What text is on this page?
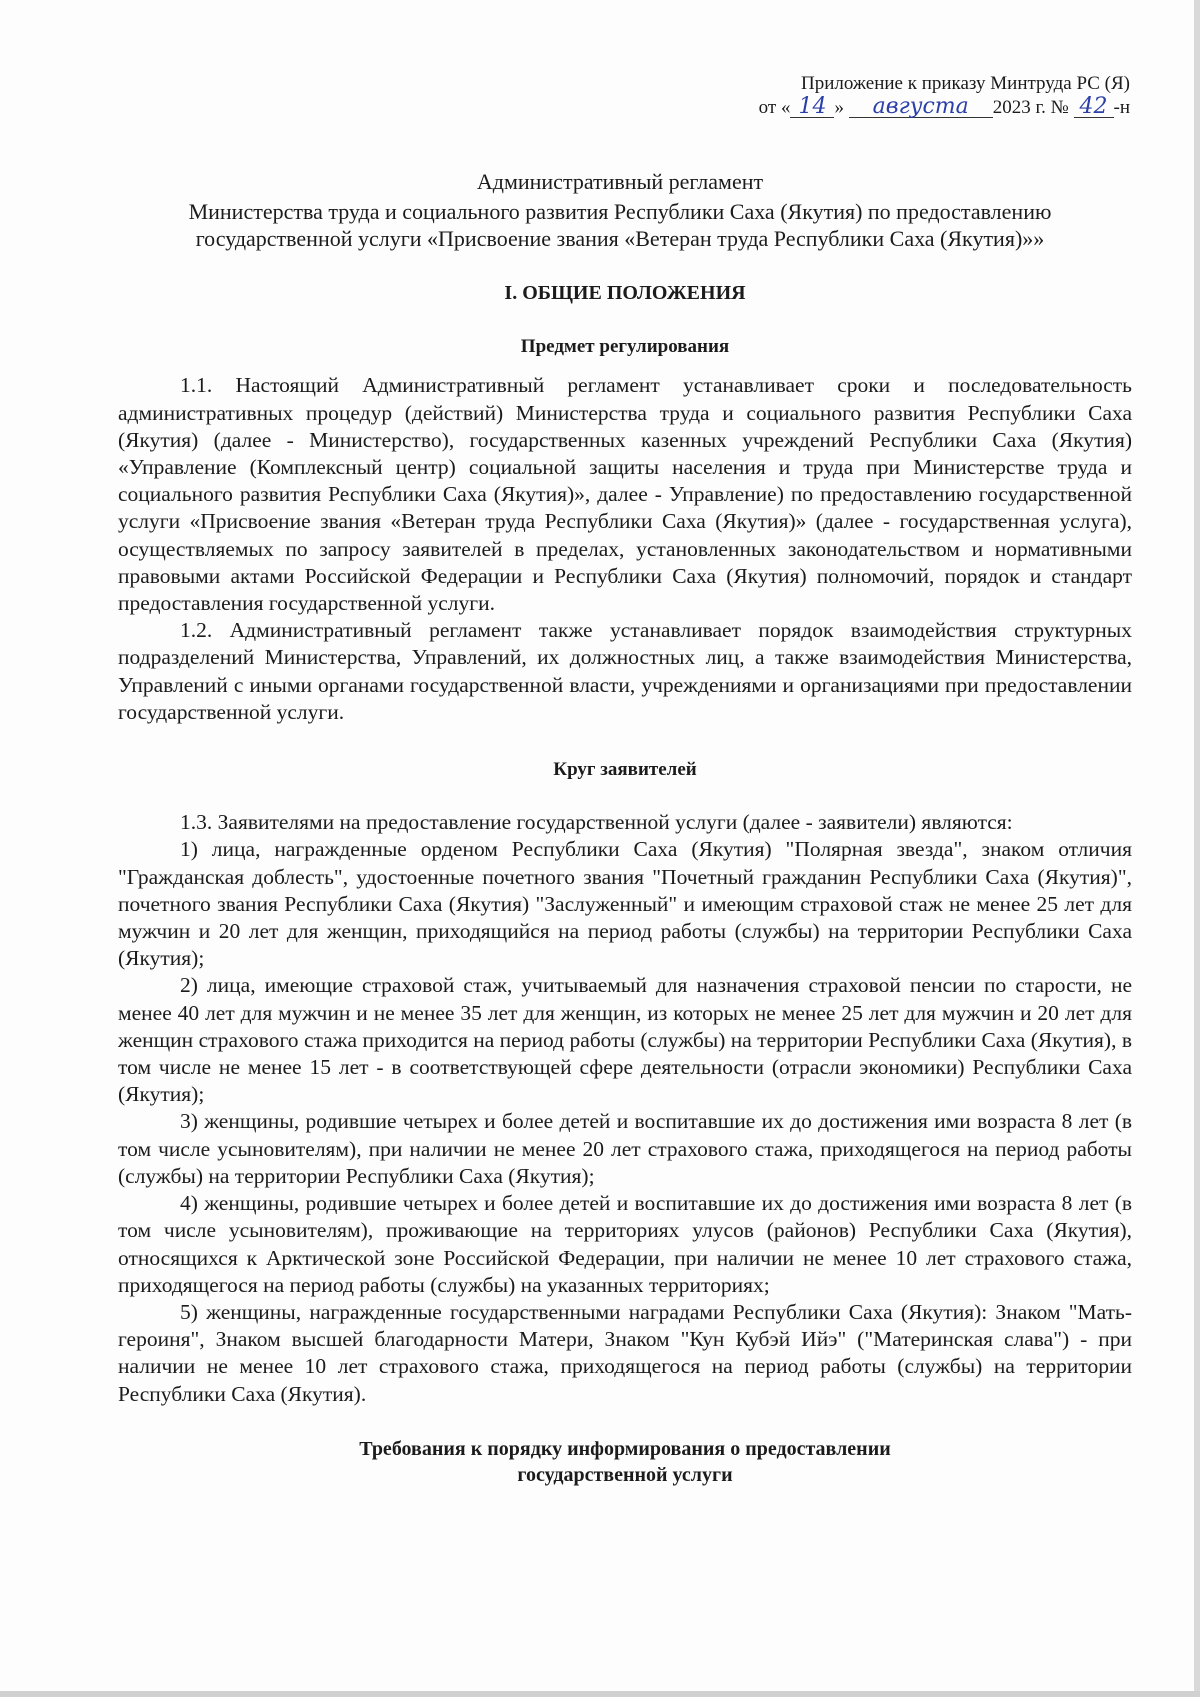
Приложение к приказу Минтруда РС (Я)
от « 14 » августа 2023 г. № 42 -н
Административный регламент
Министерства труда и социального развития Республики Саха (Якутия) по предоставлению
государственной услуги «Присвоение звания «Ветеран труда Республики Саха (Якутия)»»
I. ОБЩИЕ ПОЛОЖЕНИЯ
Предмет регулирования

1.1. Настоящий Административный регламент устанавливает сроки и последовательность административных процедур (действий) Министерства труда и социального развития Республики Саха (Якутия) (далее - Министерство), государственных казенных учреждений Республики Саха (Якутия) «Управление (Комплексный центр) социальной защиты населения и труда при Министерстве труда и социального развития Республики Саха (Якутия)», далее - Управление) по предоставлению государственной услуги «Присвоение звания «Ветеран труда Республики Саха (Якутия)» (далее - государственная услуга), осуществляемых по запросу заявителей в пределах, установленных законодательством и нормативными правовыми актами Российской Федерации и Республики Саха (Якутия) полномочий, порядок и стандарт предоставления государственной услуги.

1.2. Административный регламент также устанавливает порядок взаимодействия структурных подразделений Министерства, Управлений, их должностных лиц, а также взаимодействия Министерства, Управлений с иными органами государственной власти, учреждениями и организациями при предоставлении государственной услуги.

Круг заявителей

1.3. Заявителями на предоставление государственной услуги (далее - заявители) являются:

1) лица, награжденные орденом Республики Саха (Якутия) "Полярная звезда", знаком отличия "Гражданская доблесть", удостоенные почетного звания "Почетный гражданин Республики Саха (Якутия)", почетного звания Республики Саха (Якутия) "Заслуженный" и имеющим страховой стаж не менее 25 лет для мужчин и 20 лет для женщин, приходящийся на период работы (службы) на территории Республики Саха (Якутия);

2) лица, имеющие страховой стаж, учитываемый для назначения страховой пенсии по старости, не менее 40 лет для мужчин и не менее 35 лет для женщин, из которых не менее 25 лет для мужчин и 20 лет для женщин страхового стажа приходится на период работы (службы) на территории Республики Саха (Якутия), в том числе не менее 15 лет - в соответствующей сфере деятельности (отрасли экономики) Республики Саха (Якутия);

3) женщины, родившие четырех и более детей и воспитавшие их до достижения ими возраста 8 лет (в том числе усыновителям), при наличии не менее 20 лет страхового стажа, приходящегося на период работы (службы) на территории Республики Саха (Якутия);

4) женщины, родившие четырех и более детей и воспитавшие их до достижения ими возраста 8 лет (в том числе усыновителям), проживающие на территориях улусов (районов) Республики Саха (Якутия), относящихся к Арктической зоне Российской Федерации, при наличии не менее 10 лет страхового стажа, приходящегося на период работы (службы) на указанных территориях;

5) женщины, награжденные государственными наградами Республики Саха (Якутия): Знаком "Мать-героиня", Знаком высшей благодарности Матери, Знаком "Кун Кубэй Ийэ" ("Материнская слава") - при наличии не менее 10 лет страхового стажа, приходящегося на период работы (службы) на территории Республики Саха (Якутия).

Требования к порядку информирования о предоставлении
государственной услуги
